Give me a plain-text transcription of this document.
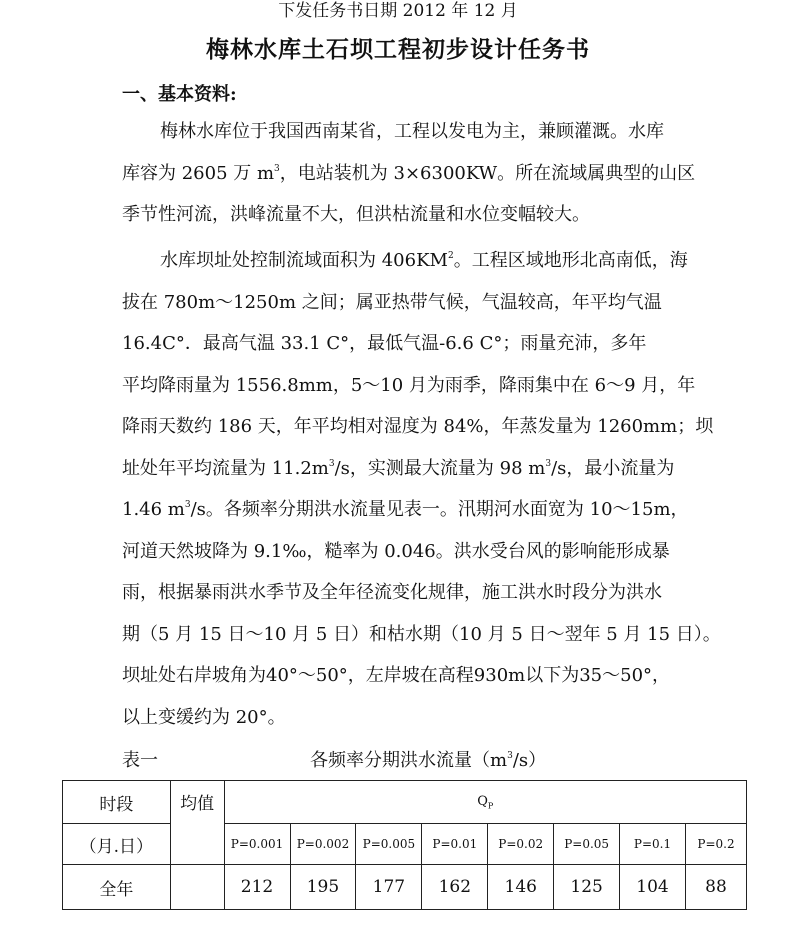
下发任务书日期 2012 年 12 月
梅林水库土石坝工程初步设计任务书
一、基本资料:
梅林水库位于我国西南某省，工程以发电为主，兼顾灌溉。水库
库容为 2605 万 $m^3$，电站装机为 3×6300KW。所在流域属典型的山区
季节性河流，洪峰流量不大，但洪枯流量和水位变幅较大。
水库坝址处控制流域面积为 $406KM^2$。工程区域地形北高南低，海
拔在 780m～1250m 之间；属亚热带气候，气温较高，年平均气温
16.4C°．最高气温 33.1 C°，最低气温-6.6 C°；雨量充沛，多年
平均降雨量为 1556.8mm，5～10 月为雨季，降雨集中在 6～9 月，年
降雨天数约 186 天，年平均相对湿度为 84%，年蒸发量为 1260mm；坝
址处年平均流量为 $11.2m^3/s$，实测最大流量为 98 $m^3/s$，最小流量为
1.46 $m^3/s$。各频率分期洪水流量见表一。汛期河水面宽为 10～15m，
河道天然坡降为 9.1‰，糙率为 0.046。洪水受台风的影响能形成暴
雨，根据暴雨洪水季节及全年径流变化规律，施工洪水时段分为洪水
期（5 月 15 日～10 月 5 日）和枯水期（10 月 5 日～翌年 5 月 15 日）。
坝址处右岸坡角为40°～50°，左岸坡在高程930m以下为35～50°，
以上变缓约为 20°。
表一	各频率分期洪水流量$(m^3/s)$
时段	均值	$Q_P$
（月.日）		P=0.001	P=0.002	P=0.005	P=0.01	P=0.02	P=0.05	P=0.1	P=0.2
全年		212	195	177	162	146	125	104	88
